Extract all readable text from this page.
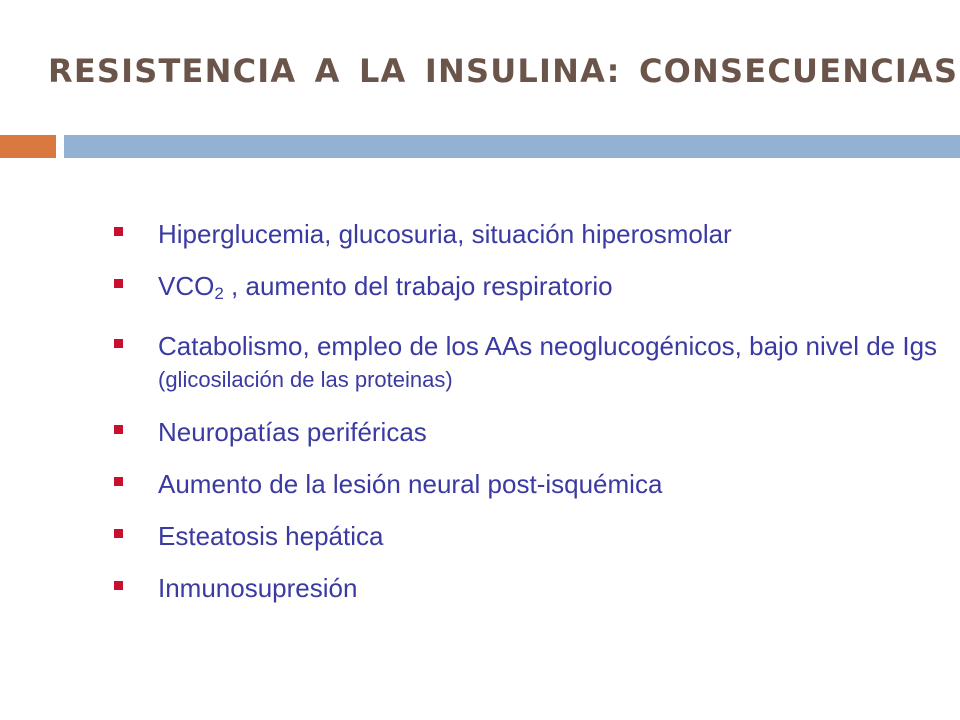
RESISTENCIA A LA INSULINA: CONSECUENCIAS
Hiperglucemia, glucosuria, situación hiperosmolar
$VCO_2$ , aumento del trabajo respiratorio
Catabolismo, empleo de los AAs neoglucogénicos, bajo nivel de Igs (glicosilación de las proteinas)
Neuropatías periféricas
Aumento de la lesión neural post-isquémica
Esteatosis hepática
Inmunosupresión
